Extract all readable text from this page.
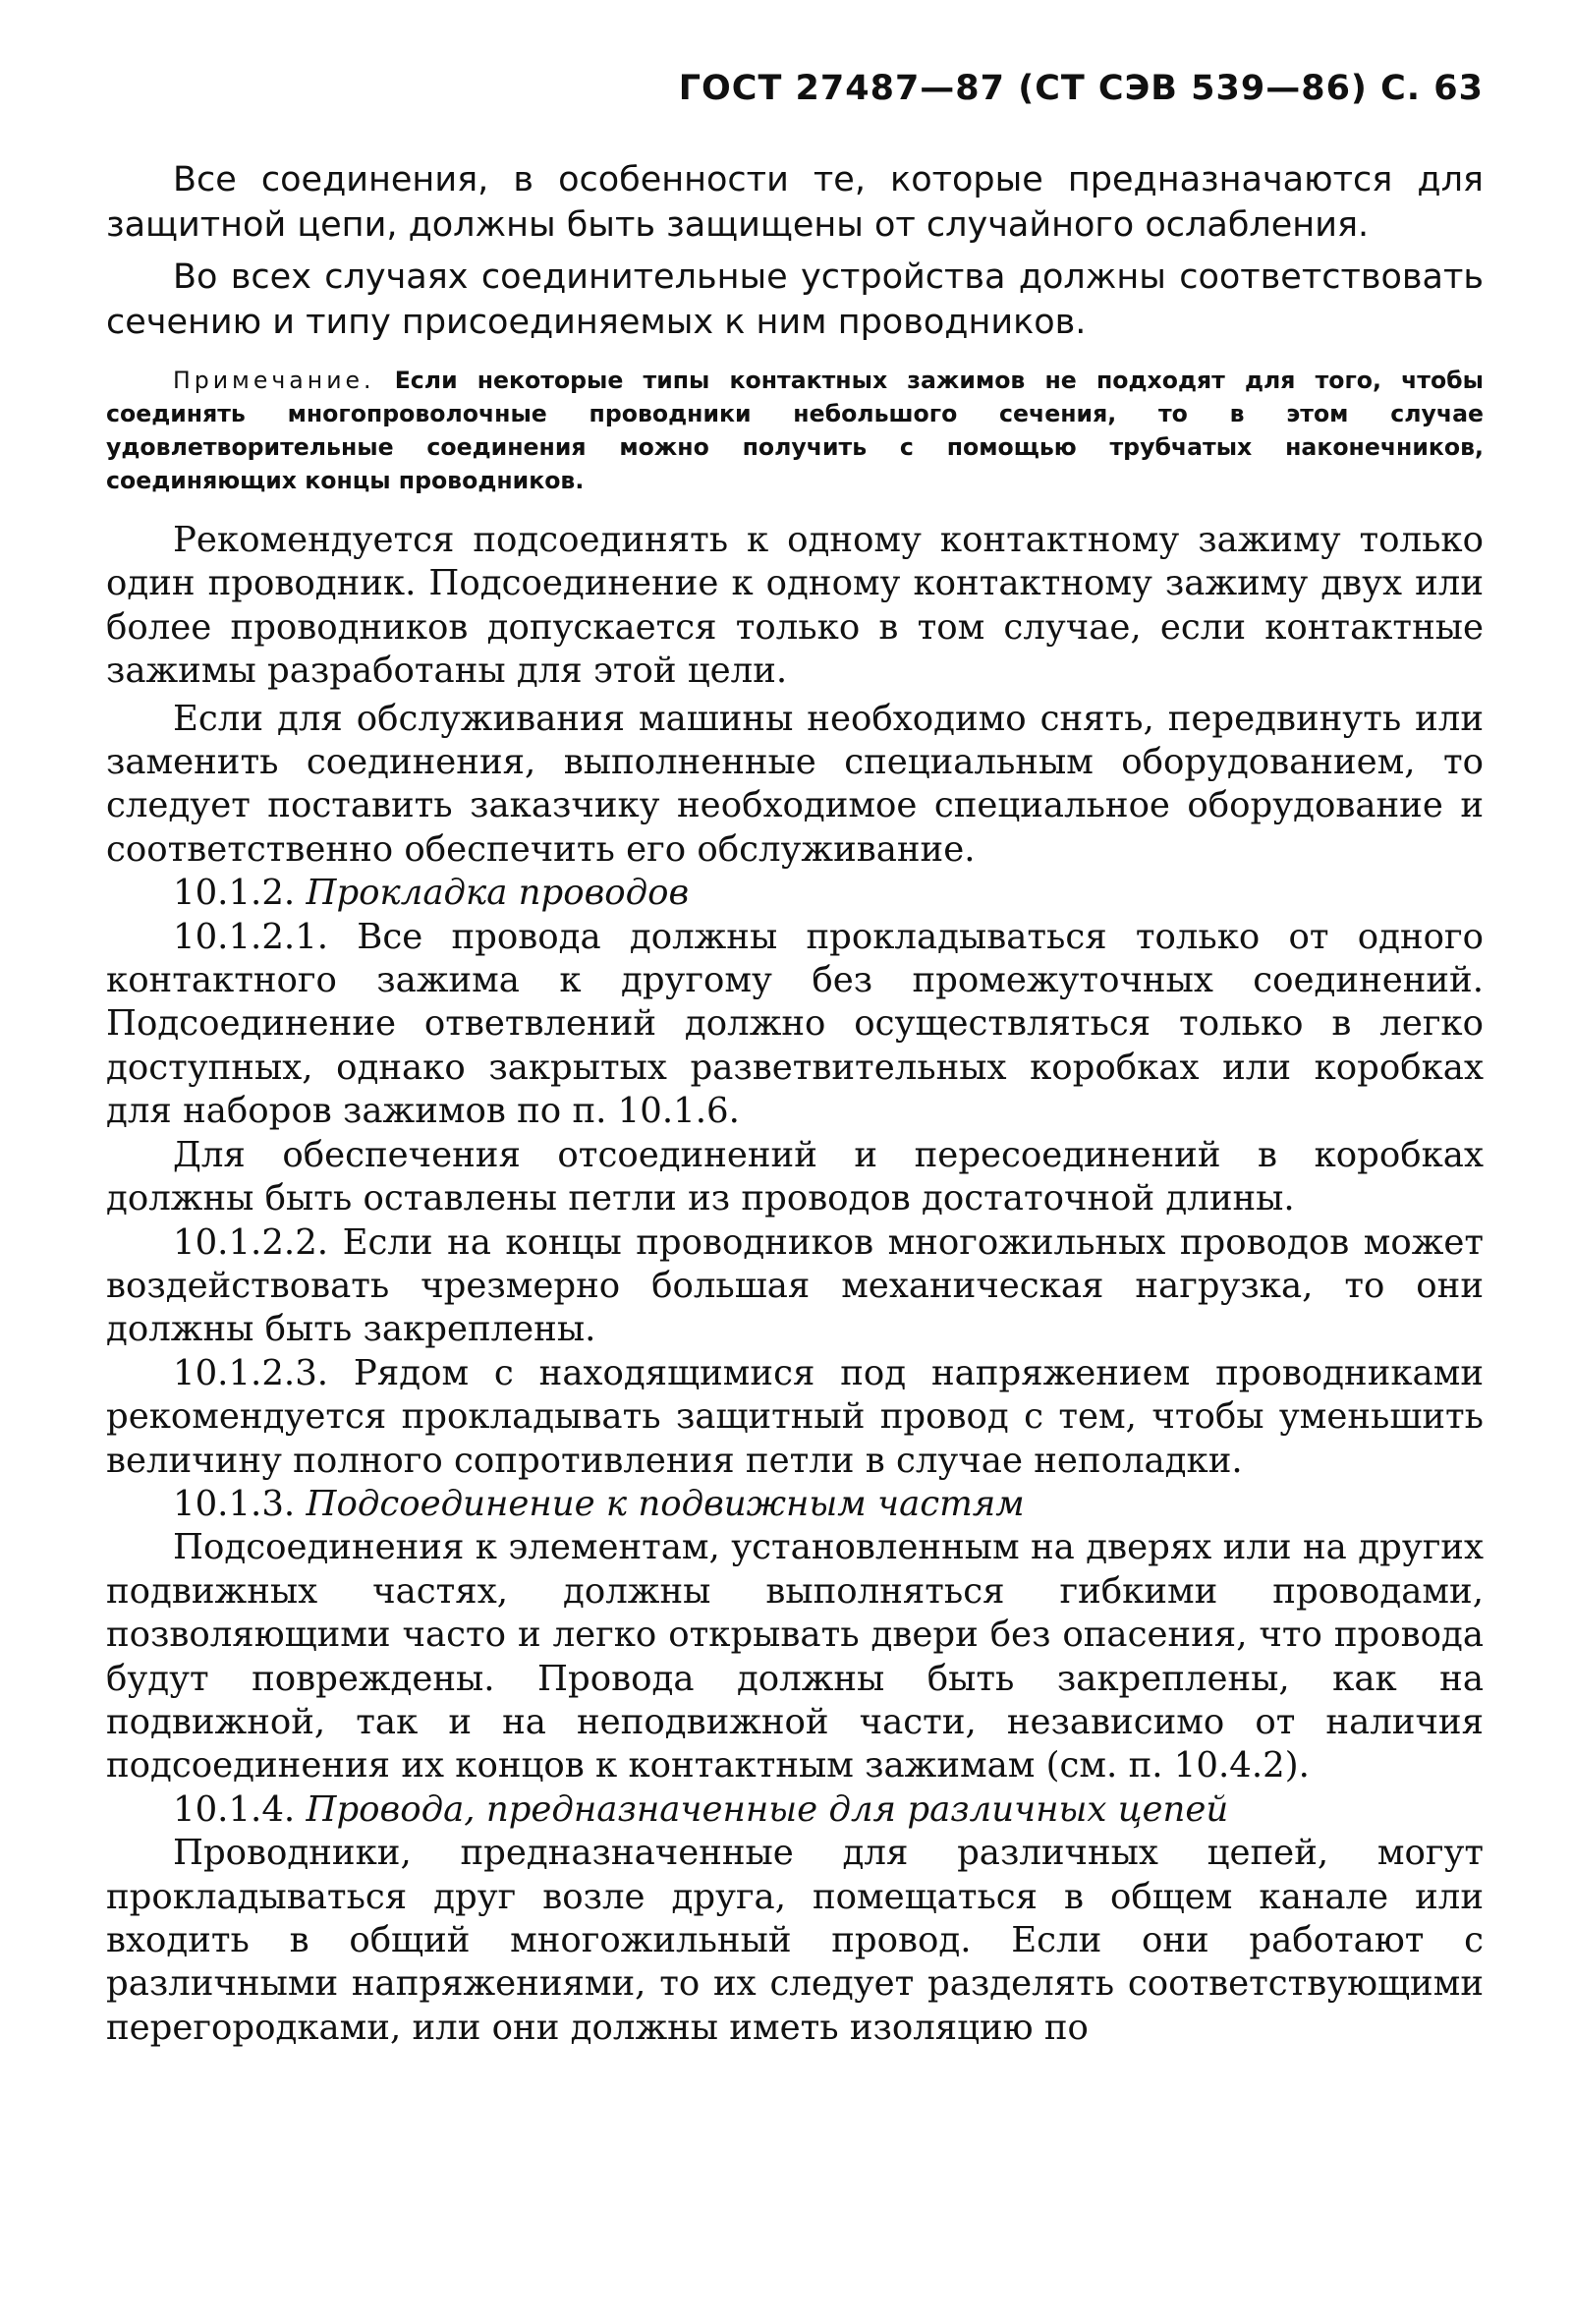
ГОСТ 27487—87 (СТ СЭВ 539—86) С. 63

Все соединения, в особенности те, которые предназначаются для защитной цепи, должны быть защищены от случайного ослабления.

Во всех случаях соединительные устройства должны соответствовать сечению и типу присоединяемых к ним проводников.

Примечание. Если некоторые типы контактных зажимов не подходят для того, чтобы соединять многопроволочные проводники небольшого сечения, то в этом случае удовлетворительные соединения можно получить с помощью трубчатых наконечников, соединяющих концы проводников.

Рекомендуется подсоединять к одному контактному зажиму только один проводник. Подсоединение к одному контактному зажиму двух или более проводников допускается только в том случае, если контактные зажимы разработаны для этой цели.

Если для обслуживания машины необходимо снять, передвинуть или заменить соединения, выполненные специальным оборудованием, то следует поставить заказчику необходимое специальное оборудование и соответственно обеспечить его обслуживание.

10.1.2. Прокладка проводов

10.1.2.1. Все провода должны прокладываться только от одного контактного зажима к другому без промежуточных соединений. Подсоединение ответвлений должно осуществляться только в легко доступных, однако закрытых разветвительных коробках или коробках для наборов зажимов по п. 10.1.6.

Для обеспечения отсоединений и пересоединений в коробках должны быть оставлены петли из проводов достаточной длины.

10.1.2.2. Если на концы проводников многожильных проводов может воздействовать чрезмерно большая механическая нагрузка, то они должны быть закреплены.

10.1.2.3. Рядом с находящимися под напряжением проводниками рекомендуется прокладывать защитный провод с тем, чтобы уменьшить величину полного сопротивления петли в случае неполадки.

10.1.3. Подсоединение к подвижным частям

Подсоединения к элементам, установленным на дверях или на других подвижных частях, должны выполняться гибкими проводами, позволяющими часто и легко открывать двери без опасения, что провода будут повреждены. Провода должны быть закреплены, как на подвижной, так и на неподвижной части, независимо от наличия подсоединения их концов к контактным зажимам (см. п. 10.4.2).

10.1.4. Провода, предназначенные для различных цепей

Проводники, предназначенные для различных цепей, могут прокладываться друг возле друга, помещаться в общем канале или входить в общий многожильный провод. Если они работают с различными напряжениями, то их следует разделять соответствующими перегородками, или они должны иметь изоляцию по
